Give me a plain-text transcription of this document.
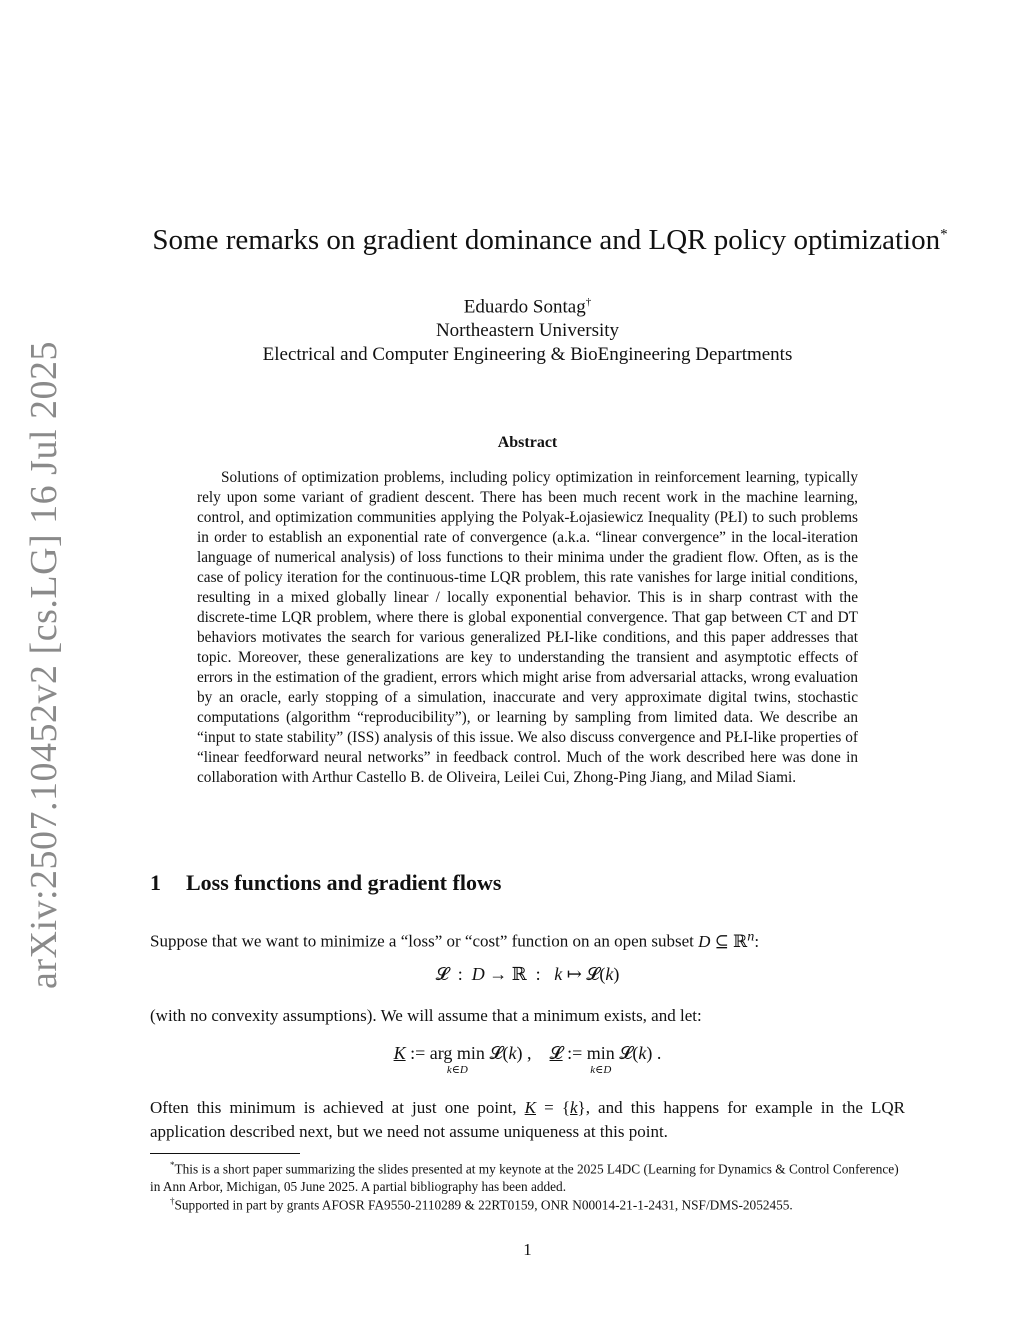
arXiv:2507.10452v2 [cs.LG] 16 Jul 2025
Some remarks on gradient dominance and LQR policy optimization*
Eduardo Sontag†
Northeastern University
Electrical and Computer Engineering & BioEngineering Departments
Abstract

Solutions of optimization problems, including policy optimization in reinforcement learning, typically rely upon some variant of gradient descent. There has been much recent work in the machine learning, control, and optimization communities applying the Polyak-Łojasiewicz Inequality (PŁI) to such problems in order to establish an exponential rate of convergence (a.k.a. “linear convergence” in the local-iteration language of numerical analysis) of loss functions to their minima under the gradient flow. Often, as is the case of policy iteration for the continuous-time LQR problem, this rate vanishes for large initial conditions, resulting in a mixed globally linear / locally exponential behavior. This is in sharp contrast with the discrete-time LQR problem, where there is global exponential convergence. That gap between CT and DT behaviors motivates the search for various generalized PŁI-like conditions, and this paper addresses that topic. Moreover, these generalizations are key to understanding the transient and asymptotic effects of errors in the estimation of the gradient, errors which might arise from adversarial attacks, wrong evaluation by an oracle, early stopping of a simulation, inaccurate and very approximate digital twins, stochastic computations (algorithm “reproducibility”), or learning by sampling from limited data. We describe an “input to state stability” (ISS) analysis of this issue. We also discuss convergence and PŁI-like properties of “linear feedforward neural networks” in feedback control. Much of the work described here was done in collaboration with Arthur Castello B. de Oliveira, Leilei Cui, Zhong-Ping Jiang, and Milad Siami.

1 Loss functions and gradient flows
Suppose that we want to minimize a “loss” or “cost” function on an open subset D ⊆ ℝ$^n$:
𝓛  :  D → ℝ  :   k ↦ 𝓛(k)
(with no convexity assumptions). We will assume that a minimum exists, and let:
K := arg min
k∈D
𝓛(k) ,    𝓛 := min
k∈D
𝓛(k) .
Often this minimum is achieved at just one point, K = {k}, and this happens for example in the LQR application described next, but we need not assume uniqueness at this point.

*This is a short paper summarizing the slides presented at my keynote at the 2025 L4DC (Learning for Dynamics & Control Conference) in Ann Arbor, Michigan, 05 June 2025. A partial bibliography has been added.

†Supported in part by grants AFOSR FA9550-2110289 & 22RT0159, ONR N00014-21-1-2431, NSF/DMS-2052455.

1
